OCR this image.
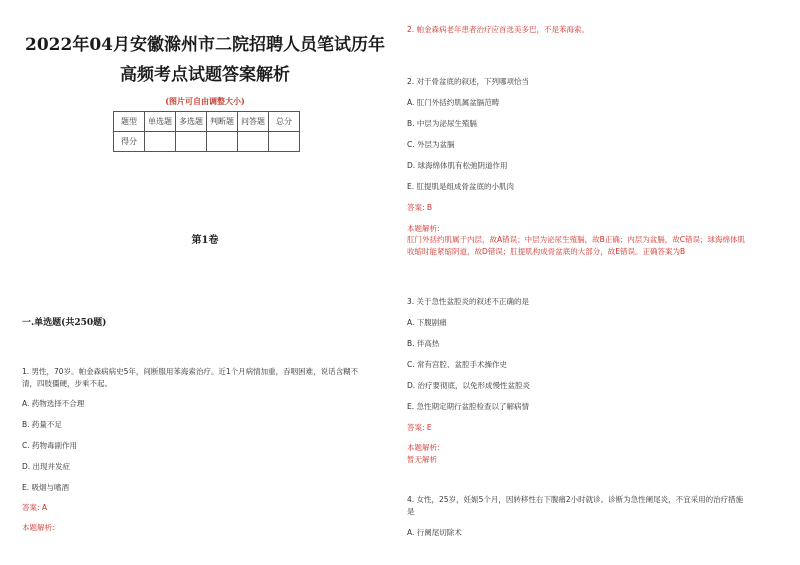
2022年04月安徽滁州市二院招聘人员笔试历年
高频考点试题答案解析
(图片可自由调整大小)
题型	单选题	多选题	判断题	问答题	总分
得分					
第1卷
一.单选题(共250题)
1. 男性，70岁。帕金森病病史5年，间断服用苯海索治疗。近1个月病情加重，吞咽困难，说话含糊不
清，四肢僵硬，步乘不起。
A. 药物选择不合理
B. 药量不足
C. 药物毒副作用
D. 出现并发症
E. 吸烟与嗜酒
答案: A
本题解析:
2. 帕金森病老年患者治疗应首选美多巴，不是苯海索。
2. 对于骨盆底的叙述，下列哪项恰当
A. 肛门外括约肌属盆膈范畴
B. 中层为泌尿生殖膈
C. 外层为盆膈
D. 球海绵体肌有松弛阴道作用
E. 肛提肌是组成骨盆底的小肌肉
答案: B
本题解析:
肛门外括约肌属于内层，故A错误；中层为泌尿生殖膈，故B正确；内层为盆膈，故C错误；球海绵体肌
收缩时能紧缩阴道，故D错误；肛提肌构成骨盆底的大部分，故E错误。正确答案为B
3. 关于急性盆腔炎的叙述不正确的是
A. 下腹剧痛
B. 伴高热
C. 常有宫腔、盆腔手术操作史
D. 治疗要彻底，以免形成慢性盆腔炎
E. 急性期定期行盆腔检查以了解病情
答案: E
本题解析:
暂无解析
4. 女性，25岁，妊娠5个月，因转移性右下腹痛2小时就诊。诊断为急性阑尾炎，不宜采用的治疗措施
是
A. 行阑尾切除术
